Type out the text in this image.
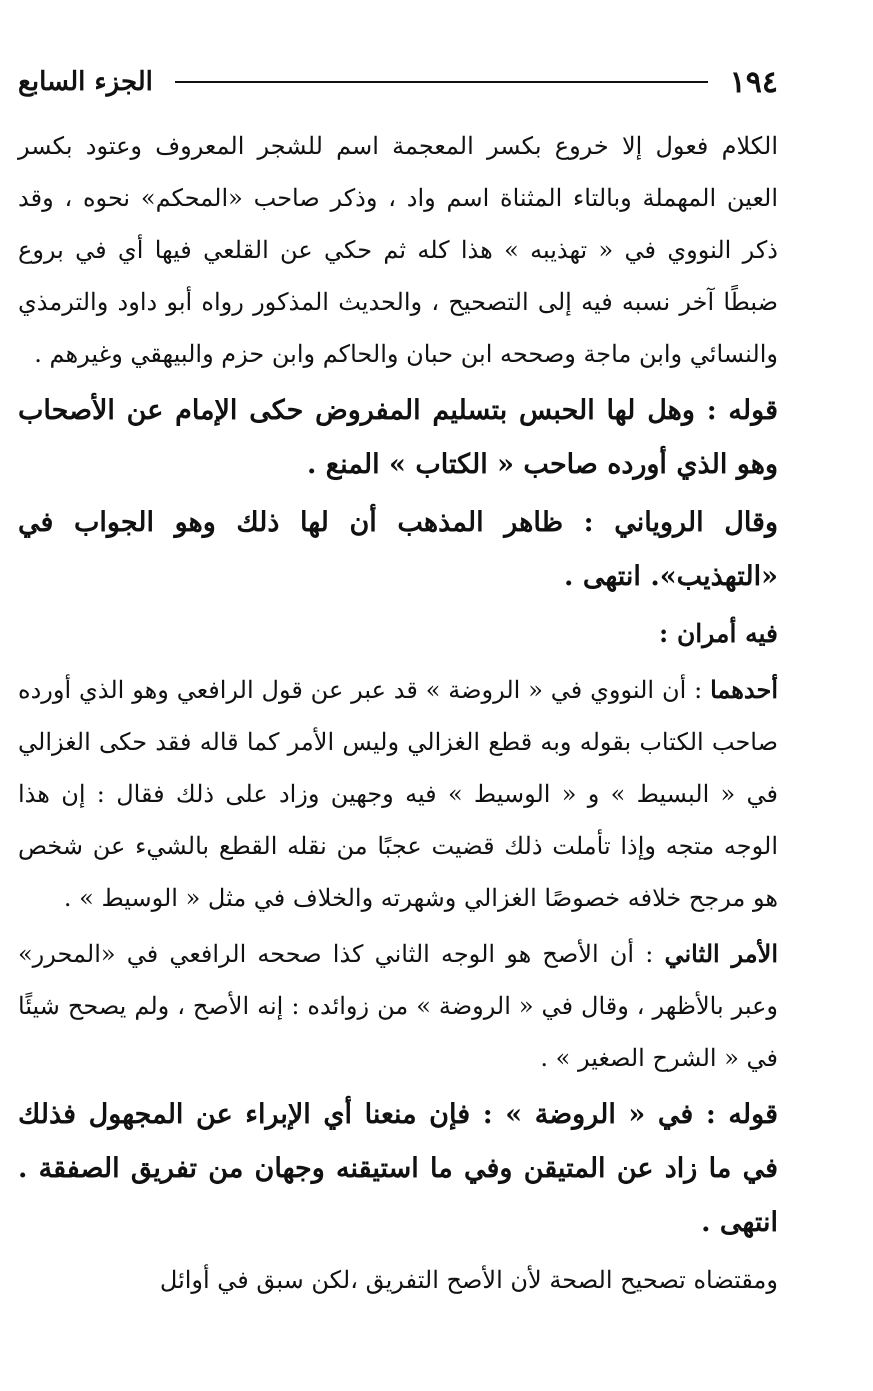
١٩٤
الجزء السابع

الكلام فعول إلا خروع بكسر المعجمة اسم للشجر المعروف وعتود بكسر العين المهملة وبالتاء المثناة اسم واد ، وذكر صاحب «المحكم» نحوه ، وقد ذكر النووي في « تهذيبه » هذا كله ثم حكي عن القلعي فيها أي في بروع ضبطًا آخر نسبه فيه إلى التصحيح ، والحديث المذكور رواه أبو داود والترمذي والنسائي وابن ماجة وصححه ابن حبان والحاكم وابن حزم والبيهقي وغيرهم .

قوله : وهل لها الحبس بتسليم المفروض حكى الإمام عن الأصحاب وهو الذي أورده صاحب « الكتاب » المنع .

وقال الروياني : ظاهر المذهب أن لها ذلك وهو الجواب في «التهذيب». انتهى .

فيه أمران :

أحدهما : أن النووي في « الروضة » قد عبر عن قول الرافعي وهو الذي أورده صاحب الكتاب بقوله وبه قطع الغزالي وليس الأمر كما قاله فقد حكى الغزالي في « البسيط » و « الوسيط » فيه وجهين وزاد على ذلك فقال : إن هذا الوجه متجه وإذا تأملت ذلك قضيت عجبًا من نقله القطع بالشيء عن شخص هو مرجح خلافه خصوصًا الغزالي وشهرته والخلاف في مثل « الوسيط » .

الأمر الثاني : أن الأصح هو الوجه الثاني كذا صححه الرافعي في «المحرر» وعبر بالأظهر ، وقال في « الروضة » من زوائده : إنه الأصح ، ولم يصحح شيئًا في « الشرح الصغير » .

قوله : في « الروضة » : فإن منعنا أي الإبراء عن المجهول فذلك في ما زاد عن المتيقن وفي ما استيقنه وجهان من تفريق الصفقة . انتهى .

ومقتضاه تصحيح الصحة لأن الأصح التفريق ،لكن سبق في أوائل
